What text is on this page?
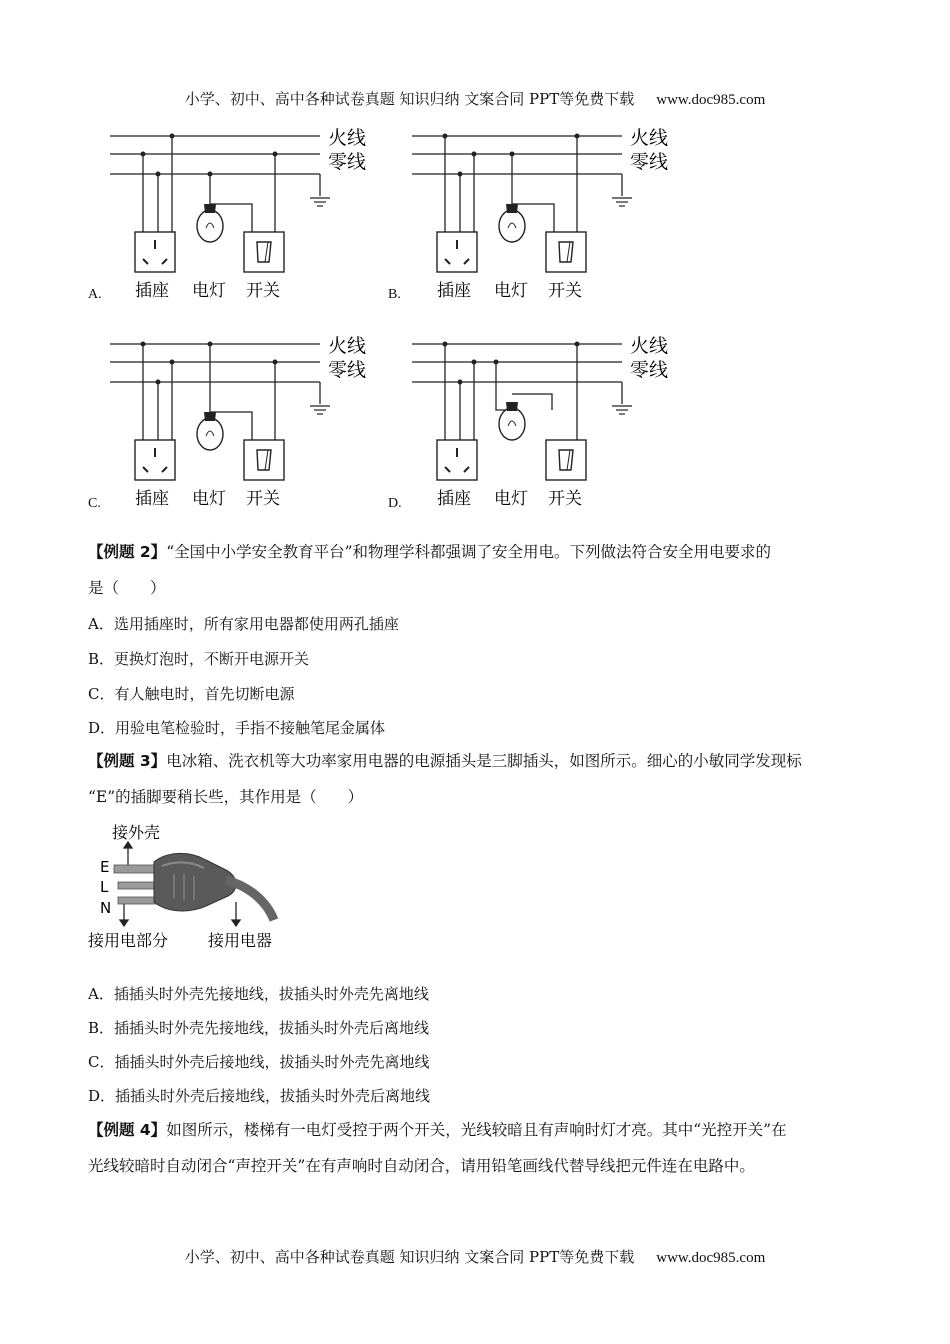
小学、初中、高中各种试卷真题 知识归纳 文案合同 PPT等免费下载 www.doc985.com
火线
零线
插座 电灯 开关
A.
火线
零线
插座 电灯 开关
B.
火线
零线
插座 电灯 开关
C.
火线
零线
插座 电灯 开关
D.
【例题 2】“全国中小学安全教育平台”和物理学科都强调了安全用电。下列做法符合安全用电要求的
是（　　）
A．选用插座时，所有家用电器都使用两孔插座
B．更换灯泡时，不断开电源开关
C．有人触电时，首先切断电源
D．用验电笔检验时，手指不接触笔尾金属体
【例题 3】电冰箱、洗衣机等大功率家用电器的电源插头是三脚插头，如图所示。细心的小敏同学发现标
“E”的插脚要稍长些，其作用是（　　）
接外壳
E
L
N
接用电部分 接用电器
A．插插头时外壳先接地线，拔插头时外壳先离地线
B．插插头时外壳先接地线，拔插头时外壳后离地线
C．插插头时外壳后接地线，拔插头时外壳先离地线
D．插插头时外壳后接地线，拔插头时外壳后离地线
【例题 4】如图所示，楼梯有一电灯受控于两个开关，光线较暗且有声响时灯才亮。其中“光控开关”在
光线较暗时自动闭合“声控开关”在有声响时自动闭合，请用铅笔画线代替导线把元件连在电路中。
小学、初中、高中各种试卷真题 知识归纳 文案合同 PPT等免费下载 www.doc985.com
